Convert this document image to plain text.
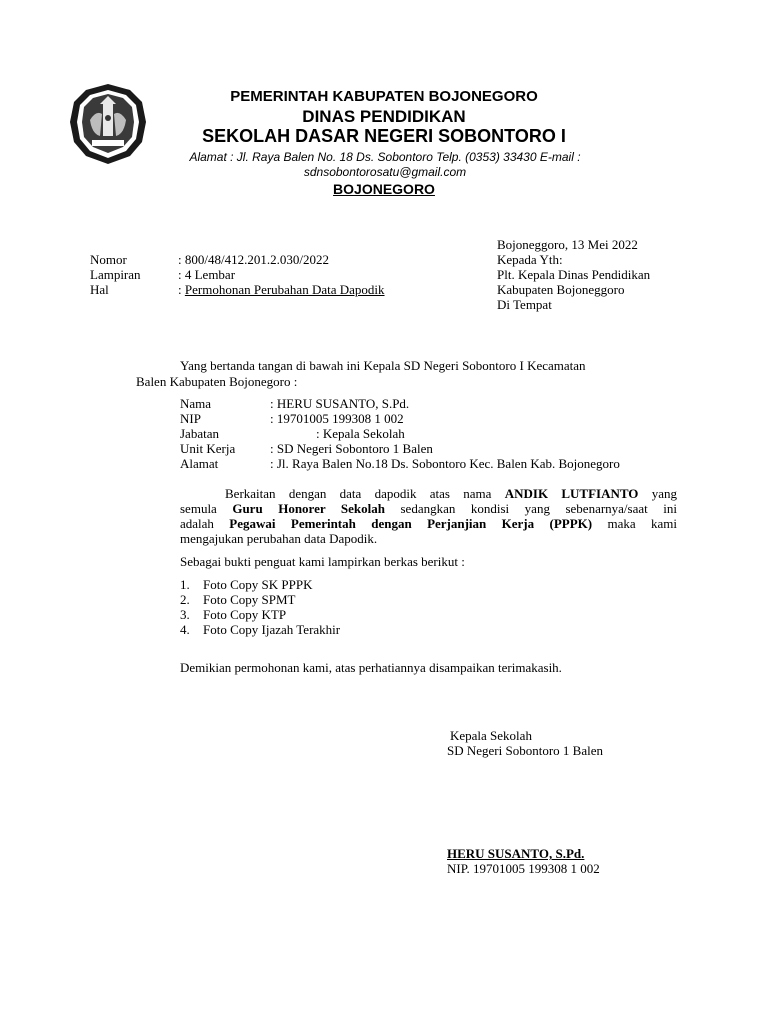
PEMERINTAH KABUPATEN BOJONEGORO
DINAS PENDIDIKAN
SEKOLAH DASAR NEGERI SOBONTORO I
Alamat : Jl. Raya Balen No. 18 Ds. Sobontoro Telp. (0353) 33430 E-mail :
sdnsobontorosatu@gmail.com
BOJONEGORO
Bojoneggoro, 13 Mei 2022
Kepada Yth:
Plt. Kepala Dinas Pendidikan
Kabupaten Bojoneggoro
Di Tempat
Nomor	: 800/48/412.201.2.030/2022
Lampiran	: 4 Lembar
Hal	: Permohonan Perubahan Data Dapodik
Yang bertanda tangan di bawah ini Kepala SD Negeri Sobontoro I Kecamatan
Balen Kabupaten Bojonegoro :
Nama	: HERU SUSANTO, S.Pd.
NIP	: 19701005 199308 1 002
Jabatan	: Kepala Sekolah
Unit Kerja	: SD Negeri Sobontoro 1 Balen
Alamat	: Jl. Raya Balen No.18 Ds. Sobontoro Kec. Balen Kab. Bojonegoro
Berkaitan dengan data dapodik atas nama ANDIK LUTFIANTO yang
semula Guru Honorer Sekolah sedangkan kondisi yang sebenarnya/saat ini
adalah Pegawai Pemerintah dengan Perjanjian Kerja (PPPK) maka kami
mengajukan perubahan data Dapodik.
Sebagai bukti penguat kami lampirkan berkas berikut :
1. Foto Copy SK PPPK
2. Foto Copy SPMT
3. Foto Copy KTP
4. Foto Copy Ijazah Terakhir
Demikian permohonan kami, atas perhatiannya disampaikan terimakasih.
Kepala Sekolah
SD Negeri Sobontoro 1 Balen
HERU SUSANTO, S.Pd.
NIP. 19701005 199308 1 002
